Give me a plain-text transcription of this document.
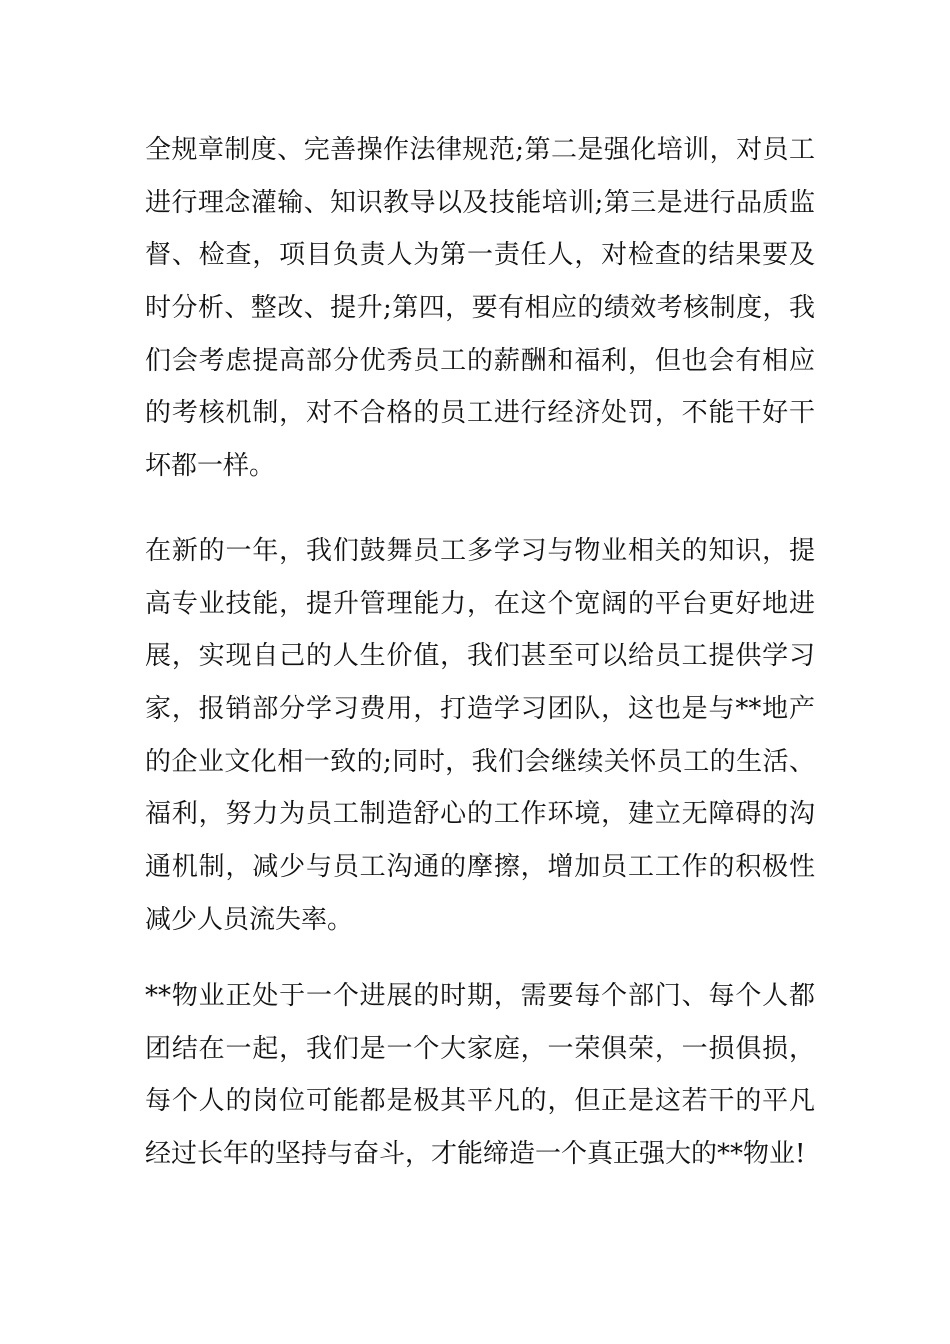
全规章制度、完善操作法律规范;第二是强化培训，对员工
进行理念灌输、知识教导以及技能培训;第三是进行品质监
督、检查，项目负责人为第一责任人，对检查的结果要及
时分析、整改、提升;第四，要有相应的绩效考核制度，我
们会考虑提高部分优秀员工的薪酬和福利，但也会有相应
的考核机制，对不合格的员工进行经济处罚，不能干好干
坏都一样。

在新的一年，我们鼓舞员工多学习与物业相关的知识，提
高专业技能，提升管理能力，在这个宽阔的平台更好地进
展，实现自己的人生价值，我们甚至可以给员工提供学习
家，报销部分学习费用，打造学习团队，这也是与**地产
的企业文化相一致的;同时，我们会继续关怀员工的生活、
福利，努力为员工制造舒心的工作环境，建立无障碍的沟
通机制，减少与员工沟通的摩擦，增加员工工作的积极性
减少人员流失率。

**物业正处于一个进展的时期，需要每个部门、每个人都
团结在一起，我们是一个大家庭，一荣俱荣，一损俱损，
每个人的岗位可能都是极其平凡的，但正是这若干的平凡
经过长年的坚持与奋斗，才能缔造一个真正强大的**物业!
